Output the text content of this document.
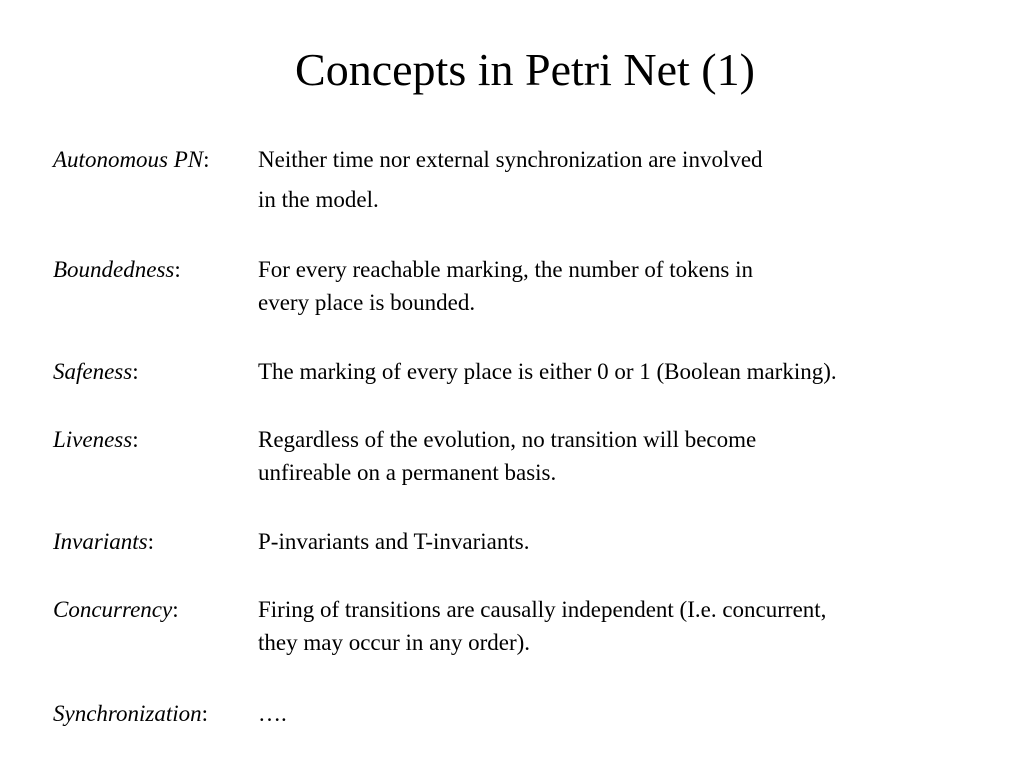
Concepts in Petri Net (1)
Autonomous PN: Neither time nor external synchronization are involved
in the model.
Boundedness:	For every reachable marking, the number of tokens in
every place is bounded.
Safeness:	The marking of every place is either 0 or 1 (Boolean marking).
Liveness:	Regardless of the evolution, no transition will become
unfireable on a permanent basis.
Invariants:	P-invariants and T-invariants.
Concurrency:	Firing of transitions are causally independent (I.e. concurrent,
they may occur in any order).
Synchronization: ….
